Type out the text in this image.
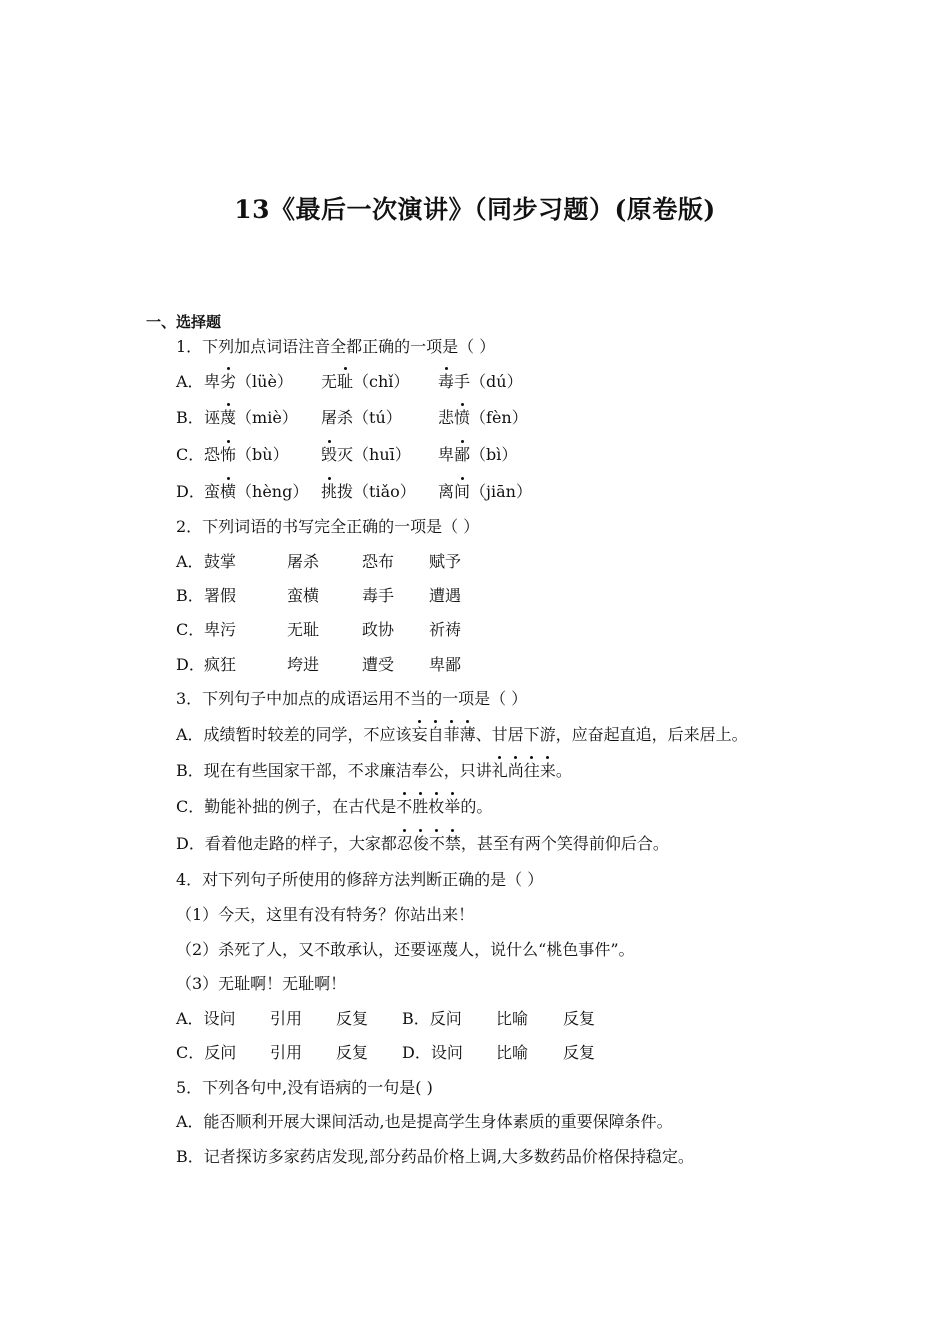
13《最后一次演讲》（同步习题）(原卷版)
一、选择题
1．下列加点词语注音全都正确的一项是（ ）
A． 卑劣（lüè） 无耻（chǐ） 毒手（dú）
B． 诬蔑（miè） 屠杀（tú） 悲愤（fèn）
C． 恐怖（bù） 毁灭（huī） 卑鄙（bì）
D． 蛮横（hèng） 挑拨（tiǎo） 离间（jiān）
2．下列词语的书写完全正确的一项是（ ）
A． 鼓掌	屠杀	恐布 赋予
B． 署假	蛮横	毒手 遭遇
C． 卑污	无耻	政协 祈祷
D． 疯狂	垮进	遭受 卑鄙
3．下列句子中加点的成语运用不当的一项是（ ）
A．成绩暂时较差的同学，不应该妄自菲薄、甘居下游，应奋起直追，后来居上。
B．现在有些国家干部，不求廉洁奉公，只讲礼尚往来。
C．勤能补拙的例子，在古代是不胜枚举的。
D．看着他走路的样子，大家都忍俊不禁，甚至有两个笑得前仰后合。
4．对下列句子所使用的修辞方法判断正确的是（ ）
（1）今天，这里有没有特务？你站出来！
（2）杀死了人，又不敢承认，还要诬蔑人，说什么“桃色事件”。
（3）无耻啊！无耻啊！
A．设问 引用 反复 B．反问 比喻 反复
C．反问 引用 反复 D．设问 比喻 反复
5．下列各句中,没有语病的一句是( )
A．能否顺利开展大课间活动,也是提高学生身体素质的重要保障条件。
B．记者探访多家药店发现,部分药品价格上调,大多数药品价格保持稳定。
